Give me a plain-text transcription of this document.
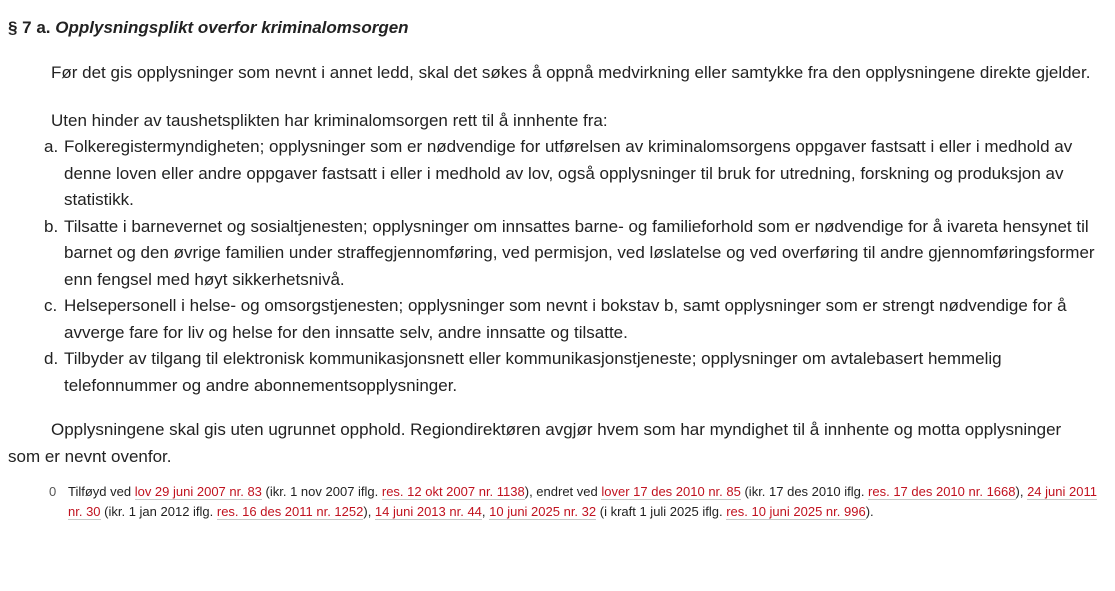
§ 7 a. Opplysningsplikt overfor kriminalomsorgen

Før det gis opplysninger som nevnt i annet ledd, skal det søkes å oppnå medvirkning eller samtykke fra den opplysningene direkte gjelder.

Uten hinder av taushetsplikten har kriminalomsorgen rett til å innhente fra:

a. Folkeregistermyndigheten; opplysninger som er nødvendige for utførelsen av kriminalomsorgens oppgaver fastsatt i eller i medhold av denne loven eller andre oppgaver fastsatt i eller i medhold av lov, også opplysninger til bruk for utredning, forskning og produksjon av statistikk.
b. Tilsatte i barnevernet og sosialtjenesten; opplysninger om innsattes barne- og familieforhold som er nødvendige for å ivareta hensynet til barnet og den øvrige familien under straffegjennomføring, ved permisjon, ved løslatelse og ved overføring til andre gjennomføringsformer enn fengsel med høyt sikkerhetsnivå.
c. Helsepersonell i helse- og omsorgstjenesten; opplysninger som nevnt i bokstav b, samt opplysninger som er strengt nødvendige for å avverge fare for liv og helse for den innsatte selv, andre innsatte og tilsatte.
d. Tilbyder av tilgang til elektronisk kommunikasjonsnett eller kommunikasjonstjeneste; opplysninger om avtalebasert hemmelig telefonnummer og andre abonnementsopplysninger.

Opplysningene skal gis uten ugrunnet opphold. Regiondirektøren avgjør hvem som har myndighet til å innhente og motta opplysninger som er nevnt ovenfor.

0 Tilføyd ved lov 29 juni 2007 nr. 83 (ikr. 1 nov 2007 iflg. res. 12 okt 2007 nr. 1138), endret ved lover 17 des 2010 nr. 85 (ikr. 17 des 2010 iflg. res. 17 des 2010 nr. 1668), 24 juni 2011 nr. 30 (ikr. 1 jan 2012 iflg. res. 16 des 2011 nr. 1252), 14 juni 2013 nr. 44, 10 juni 2025 nr. 32 (i kraft 1 juli 2025 iflg. res. 10 juni 2025 nr. 996).
